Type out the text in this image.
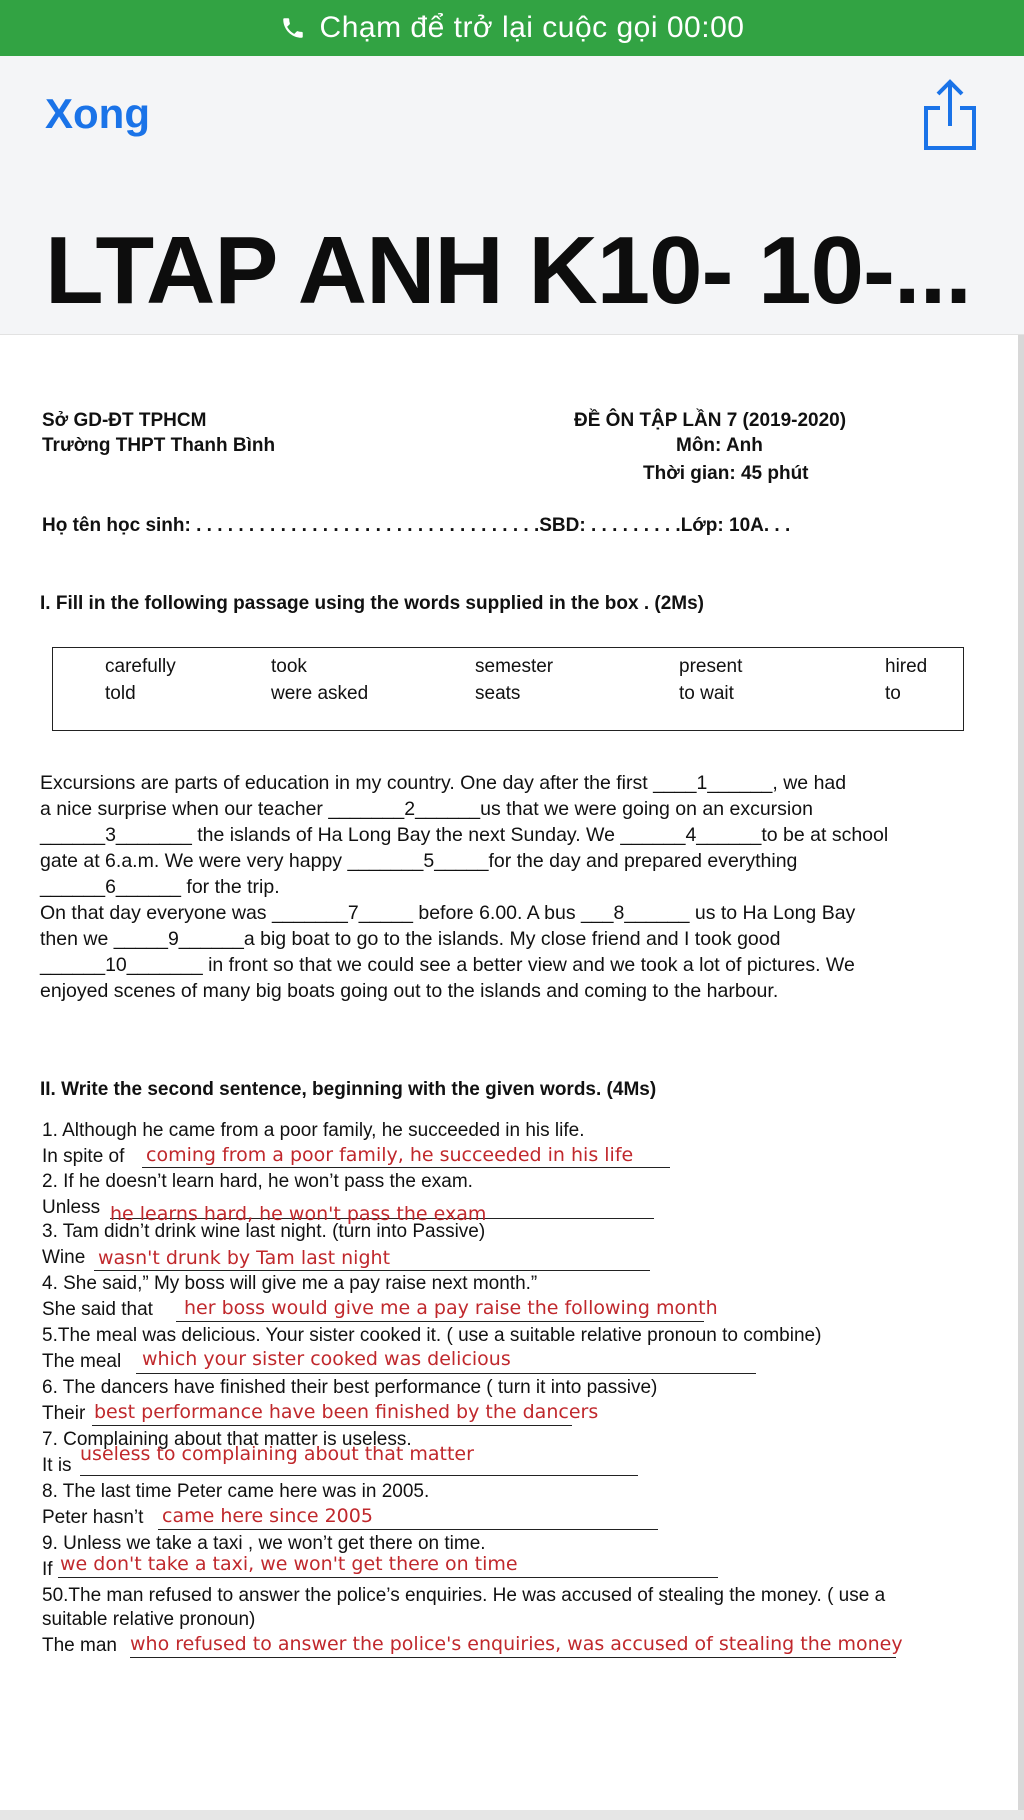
Chạm để trở lại cuộc gọi 00:00
Xong
LTAP ANH K10- 10-...
Sở GD-ĐT TPHCM
Trường THPT Thanh Bình
ĐỀ ÔN TẬP LẦN 7 (2019-2020)
Môn: Anh
Thời gian: 45 phút
Họ tên học sinh: . . . . . . . . . . . . . . . . . . . . . . . . . . . . . . . . .SBD: . . . . . . . . .Lớp: 10A. . .
I. Fill in the following passage using the words supplied in the box . (2Ms)
carefully	took	semester	present	hired
told	were asked	seats	to wait	to
Excursions are parts of education in my country. One day after the first ____1______, we had
a nice surprise when our teacher _______2______us that we were going on an excursion
______3_______ the islands of Ha Long Bay the next Sunday. We ______4______to be at school
gate at 6.a.m. We were very happy _______5_____for the day and prepared everything
______6______ for the trip.
On that day everyone was _______7_____ before 6.00. A bus ___8______ us to Ha Long Bay
then we _____9______a big boat to go to the islands. My close friend and I took good
______10_______ in front so that we could see a better view and we took a lot of pictures. We
enjoyed scenes of many big boats going out to the islands and coming to the harbour.
II. Write the second sentence, beginning with the given words. (4Ms)
1. Although he came from a poor family, he succeeded in his life.
In spite of coming from a poor family, he succeeded in his life
2. If he doesn’t learn hard, he won’t pass the exam.
Unless he learns hard, he won't pass the exam
3. Tam didn’t drink wine last night. (turn into Passive)
Wine wasn't drunk by Tam last night
4. She said,” My boss will give me a pay raise next month.”
She said that her boss would give me a pay raise the following month
5.The meal was delicious. Your sister cooked it. ( use a suitable relative pronoun to combine)
The meal which your sister cooked was delicious
6. The dancers have finished their best performance ( turn it into passive)
Their best performance have been finished by the dancers
7. Complaining about that matter is useless.
It is
useless to complaining about that matter
8. The last time Peter came here was in 2005.
Peter hasn’t came here since 2005
9. Unless we take a taxi , we won’t get there on time.
If we don't take a taxi, we won't get there on time
50.The man refused to answer the police’s enquiries. He was accused of stealing the money. ( use a
suitable relative pronoun)
The man who refused to answer the police's enquiries, was accused of stealing the money
